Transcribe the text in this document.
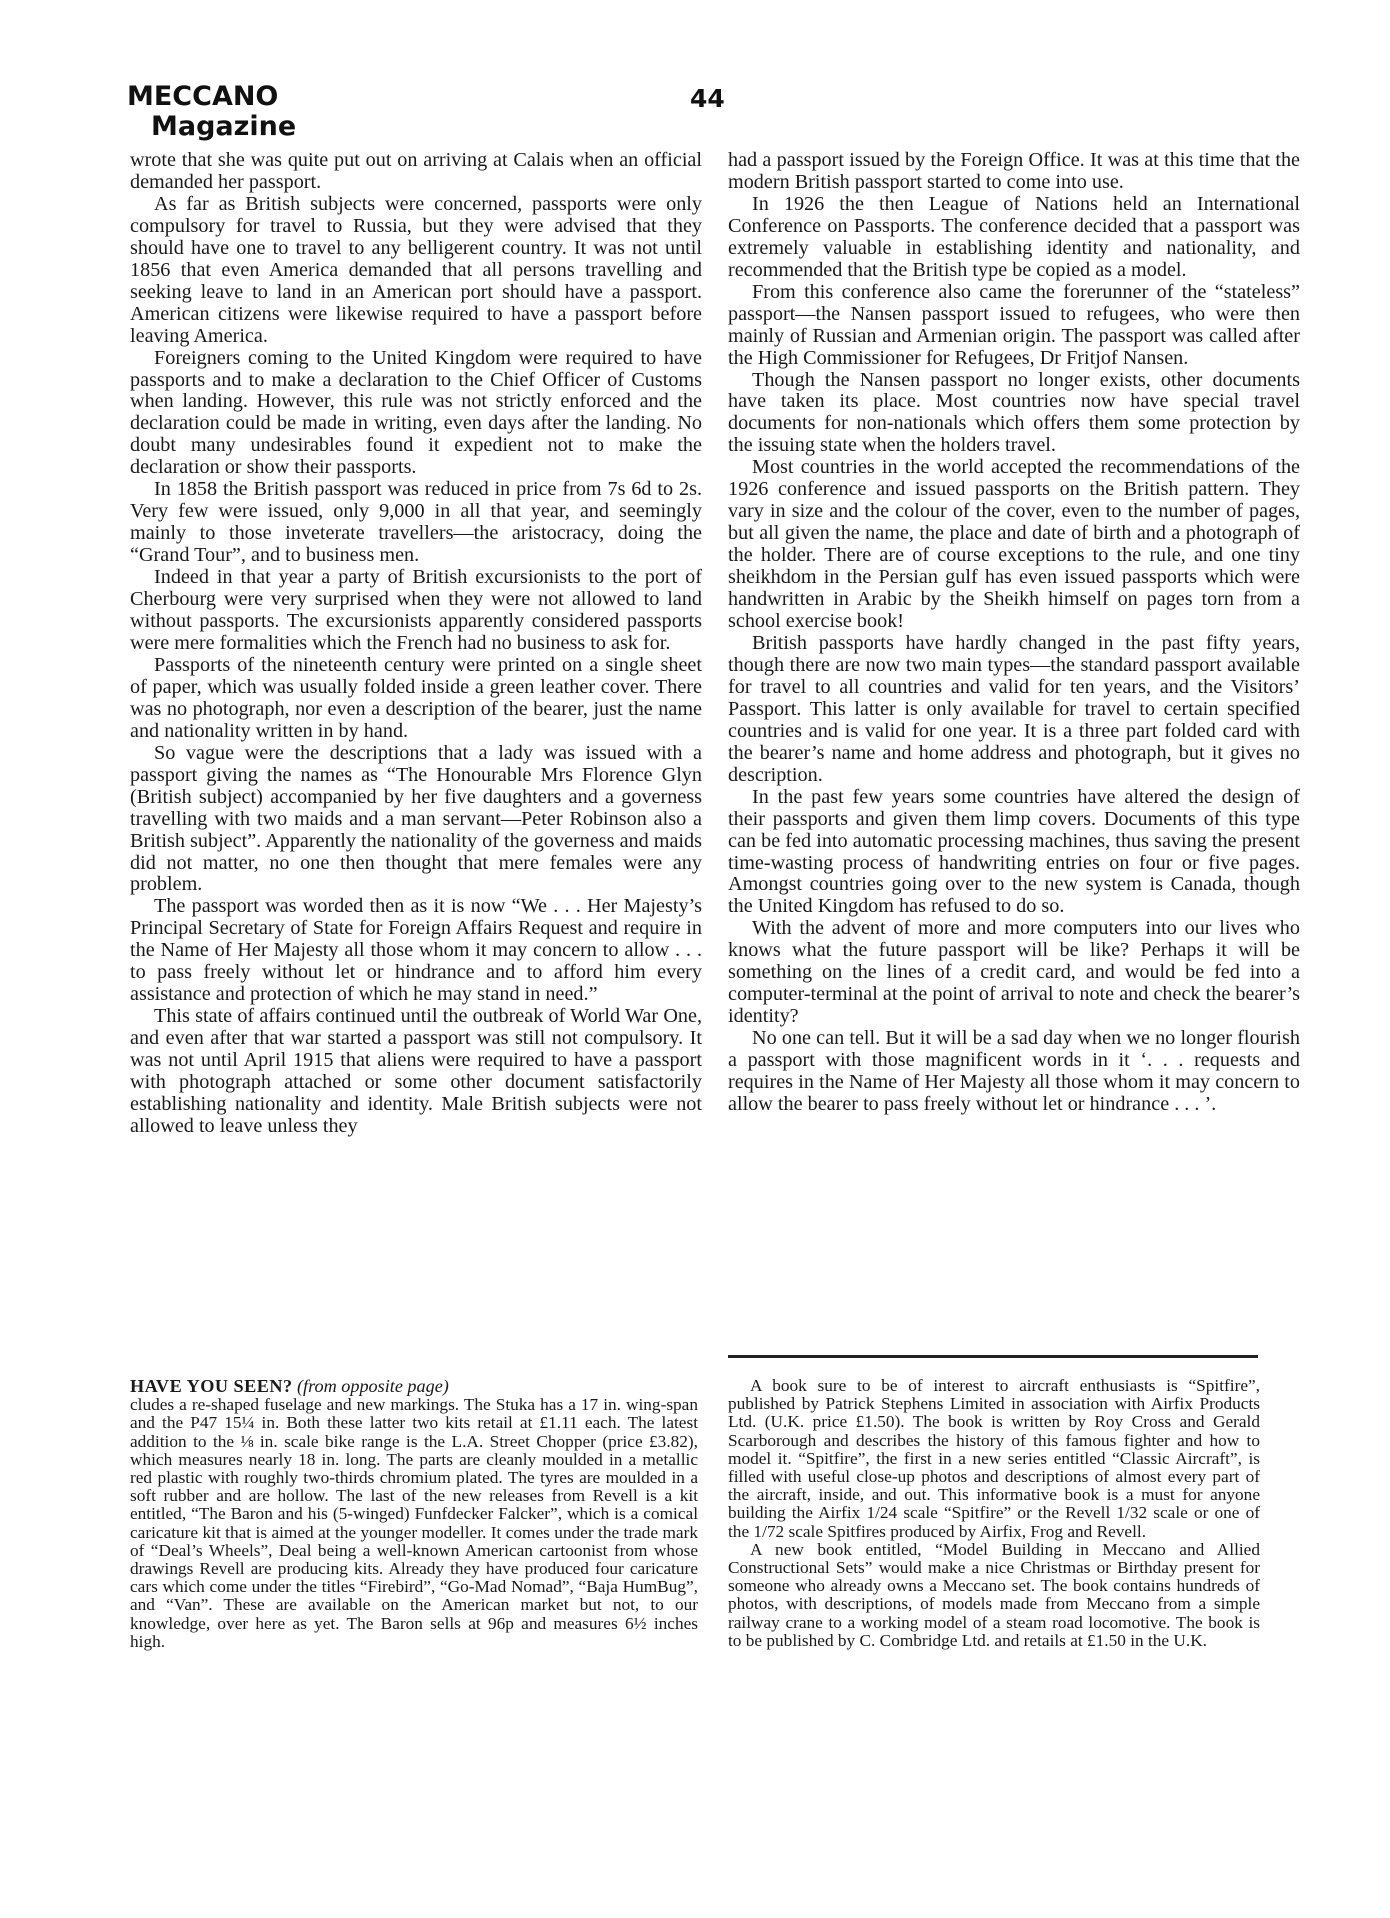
MECCANO
Magazine
44

wrote that she was quite put out on arriving at Calais when an official demanded her passport.

As far as British subjects were concerned, passports were only compulsory for travel to Russia, but they were advised that they should have one to travel to any belligerent country. It was not until 1856 that even America demanded that all persons travelling and seeking leave to land in an American port should have a passport. American citizens were likewise required to have a passport before leaving America.

Foreigners coming to the United Kingdom were required to have passports and to make a declaration to the Chief Officer of Customs when landing. However, this rule was not strictly enforced and the declaration could be made in writing, even days after the landing. No doubt many undesirables found it expedient not to make the declaration or show their passports.

In 1858 the British passport was reduced in price from 7s 6d to 2s. Very few were issued, only 9,000 in all that year, and seemingly mainly to those inveterate travellers—the aristocracy, doing the “Grand Tour”, and to business men.

Indeed in that year a party of British excursionists to the port of Cherbourg were very surprised when they were not allowed to land without passports. The excursionists apparently considered passports were mere formalities which the French had no business to ask for.

Passports of the nineteenth century were printed on a single sheet of paper, which was usually folded inside a green leather cover. There was no photograph, nor even a description of the bearer, just the name and nationality written in by hand.

So vague were the descriptions that a lady was issued with a passport giving the names as “The Honourable Mrs Florence Glyn (British subject) accompanied by her five daughters and a governess travelling with two maids and a man servant—Peter Robinson also a British subject”. Apparently the nationality of the governess and maids did not matter, no one then thought that mere females were any problem.

The passport was worded then as it is now “We . . . Her Majesty’s Principal Secretary of State for Foreign Affairs Request and require in the Name of Her Majesty all those whom it may concern to allow . . . to pass freely without let or hindrance and to afford him every assistance and protection of which he may stand in need.”

This state of affairs continued until the outbreak of World War One, and even after that war started a passport was still not compulsory. It was not until April 1915 that aliens were required to have a passport with photograph attached or some other document satisfactorily establishing nationality and identity. Male British subjects were not allowed to leave unless they

had a passport issued by the Foreign Office. It was at this time that the modern British passport started to come into use.

In 1926 the then League of Nations held an International Conference on Passports. The conference decided that a passport was extremely valuable in establishing identity and nationality, and recommended that the British type be copied as a model.

From this conference also came the forerunner of the “stateless” passport—the Nansen passport issued to refugees, who were then mainly of Russian and Armenian origin. The passport was called after the High Commissioner for Refugees, Dr Fritjof Nansen.

Though the Nansen passport no longer exists, other documents have taken its place. Most countries now have special travel documents for non-nationals which offers them some protection by the issuing state when the holders travel.

Most countries in the world accepted the recommendations of the 1926 conference and issued passports on the British pattern. They vary in size and the colour of the cover, even to the number of pages, but all given the name, the place and date of birth and a photograph of the holder. There are of course exceptions to the rule, and one tiny sheikhdom in the Persian gulf has even issued passports which were handwritten in Arabic by the Sheikh himself on pages torn from a school exercise book!

British passports have hardly changed in the past fifty years, though there are now two main types—the standard passport available for travel to all countries and valid for ten years, and the Visitors’ Passport. This latter is only available for travel to certain specified countries and is valid for one year. It is a three part folded card with the bearer’s name and home address and photograph, but it gives no description.

In the past few years some countries have altered the design of their passports and given them limp covers. Documents of this type can be fed into automatic processing machines, thus saving the present time-wasting process of handwriting entries on four or five pages. Amongst countries going over to the new system is Canada, though the United Kingdom has refused to do so.

With the advent of more and more computers into our lives who knows what the future passport will be like? Perhaps it will be something on the lines of a credit card, and would be fed into a computer-terminal at the point of arrival to note and check the bearer’s identity?

No one can tell. But it will be a sad day when we no longer flourish a passport with those magnificent words in it ‘. . . requests and requires in the Name of Her Majesty all those whom it may concern to allow the bearer to pass freely without let or hindrance . . . ’.

HAVE YOU SEEN? (from opposite page)

cludes a re-shaped fuselage and new markings. The Stuka has a 17 in. wing-span and the P47 15¼ in. Both these latter two kits retail at £1.11 each. The latest addition to the ⅛ in. scale bike range is the L.A. Street Chopper (price £3.82), which measures nearly 18 in. long. The parts are cleanly moulded in a metallic red plastic with roughly two-thirds chromium plated. The tyres are moulded in a soft rubber and are hollow. The last of the new releases from Revell is a kit entitled, “The Baron and his (5-winged) Funfdecker Falcker”, which is a comical caricature kit that is aimed at the younger modeller. It comes under the trade mark of “Deal’s Wheels”, Deal being a well-known American cartoonist from whose drawings Revell are producing kits. Already they have produced four caricature cars which come under the titles “Firebird”, “Go-Mad Nomad”, “Baja HumBug”, and “Van”. These are available on the American market but not, to our knowledge, over here as yet. The Baron sells at 96p and measures 6½ inches high.

A book sure to be of interest to aircraft enthusiasts is “Spitfire”, published by Patrick Stephens Limited in association with Airfix Products Ltd. (U.K. price £1.50). The book is written by Roy Cross and Gerald Scarborough and describes the history of this famous fighter and how to model it. “Spitfire”, the first in a new series entitled “Classic Aircraft”, is filled with useful close-up photos and descriptions of almost every part of the aircraft, inside, and out. This informative book is a must for anyone building the Airfix 1/24 scale “Spitfire” or the Revell 1/32 scale or one of the 1/72 scale Spitfires produced by Airfix, Frog and Revell.

A new book entitled, “Model Building in Meccano and Allied Constructional Sets” would make a nice Christmas or Birthday present for someone who already owns a Meccano set. The book contains hundreds of photos, with descriptions, of models made from Meccano from a simple railway crane to a working model of a steam road locomotive. The book is to be published by C. Combridge Ltd. and retails at £1.50 in the U.K.
